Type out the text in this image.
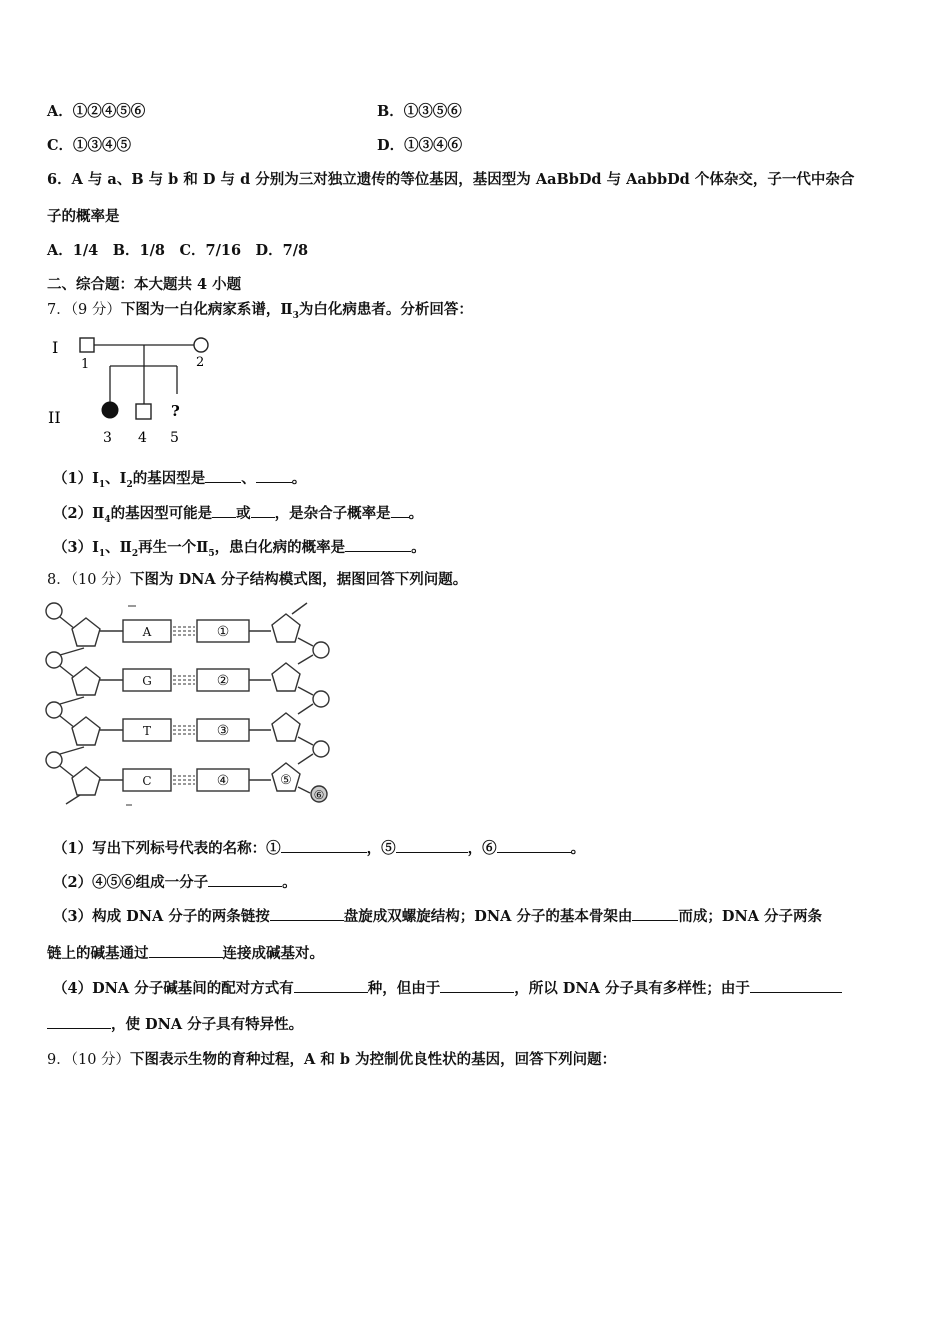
A．①②④⑤⑥	B．①③⑤⑥
C．①③④⑤	D．①③④⑥
6．A 与 a、B 与 b 和 D 与 d 分别为三对独立遗传的等位基因，基因型为 AaBbDd 与 AabbDd 个体杂交，子一代中杂合
子的概率是
A．1/4　B．1/8　C．7/16　D．7/8
二、综合题：本大题共 4 小题
7．（9 分）下图为一白化病家系谱，$Ⅱ_3$为白化病患者。分析回答：
I
II
1	2
?
3 4 5
$(1)Ⅰ_1$、$Ⅰ_2$的基因型是 、 。
$(2)Ⅱ_4$的基因型可能是 或 ，是杂合子概率是 。
$(3)Ⅰ_1$、$Ⅱ_2$再生一个$Ⅱ_5$，患白化病的概率是	。
8．（10 分）下图为 DNA 分子结构模式图，据图回答下列问题。
A
G
T
C
①
②
③
④	⑤
⑥
（1）写出下列标号代表的名称：①	，⑤	，⑥	。
（2）④⑤⑥组成一分子	。
（3）构成 DNA 分子的两条链按	盘旋成双螺旋结构；DNA 分子的基本骨架由	而成；DNA 分子两条
链上的碱基通过	连接成碱基对。
（4）DNA 分子碱基间的配对方式有	种，但由于	，所以 DNA 分子具有多样性；由于
，使 DNA 分子具有特异性。
9．（10 分）下图表示生物的育种过程，A 和 b 为控制优良性状的基因，回答下列问题：
